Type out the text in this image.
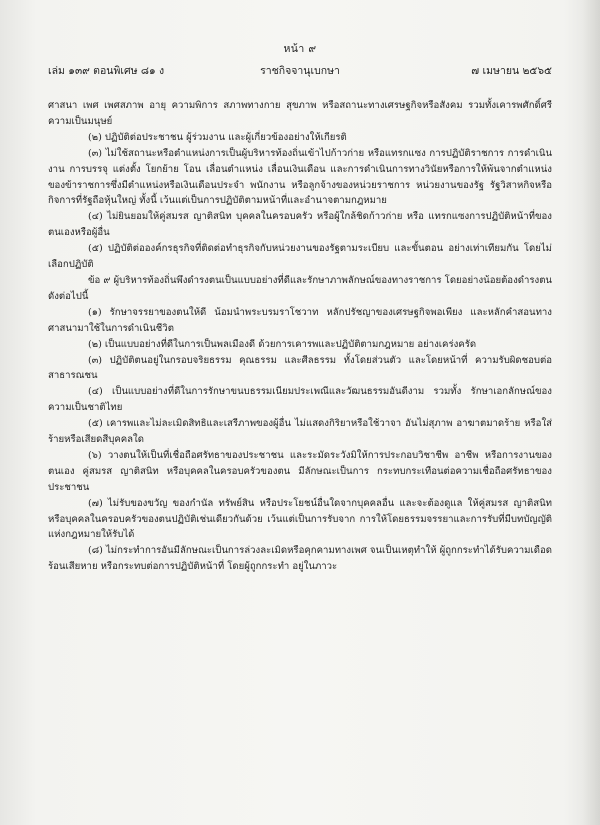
หน้า ๙
เล่ม ๑๓๙ ตอนพิเศษ ๘๑ ง	ราชกิจจานุเบกษา	๗ เมษายน ๒๕๖๕

ศาสนา เพศ เพศสภาพ อายุ ความพิการ สภาพทางกาย สุขภาพ หรือสถานะทางเศรษฐกิจหรือสังคม รวมทั้งเคารพศักดิ์ศรีความเป็นมนุษย์

(๒) ปฏิบัติต่อประชาชน ผู้ร่วมงาน และผู้เกี่ยวข้องอย่างให้เกียรติ

(๓) ไม่ใช้สถานะหรือตำแหน่งการเป็นผู้บริหารท้องถิ่นเข้าไปก้าวก่าย หรือแทรกแซง การปฏิบัติราชการ การดำเนินงาน การบรรจุ แต่งตั้ง โยกย้าย โอน เลื่อนตำแหน่ง เลื่อนเงินเดือน และการดำเนินการทางวินัยหรือการให้พ้นจากตำแหน่งของข้าราชการซึ่งมีตำแหน่งหรือเงินเดือนประจำ พนักงาน หรือลูกจ้างของหน่วยราชการ หน่วยงานของรัฐ รัฐวิสาหกิจหรือกิจการที่รัฐถือหุ้นใหญ่ ทั้งนี้ เว้นแต่เป็นการปฏิบัติตามหน้าที่และอำนาจตามกฎหมาย

(๔) ไม่ยินยอมให้คู่สมรส ญาติสนิท บุคคลในครอบครัว หรือผู้ใกล้ชิดก้าวก่าย หรือ แทรกแซงการปฏิบัติหน้าที่ของตนเองหรือผู้อื่น

(๕) ปฏิบัติต่อองค์กรธุรกิจที่ติดต่อทำธุรกิจกับหน่วยงานของรัฐตามระเบียบ และขั้นตอน อย่างเท่าเทียมกัน โดยไม่เลือกปฏิบัติ

ข้อ ๙ ผู้บริหารท้องถิ่นพึงดำรงตนเป็นแบบอย่างที่ดีและรักษาภาพลักษณ์ของทางราชการ โดยอย่างน้อยต้องดำรงตน ดังต่อไปนี้

(๑) รักษาจรรยาของตนให้ดี น้อมนำพระบรมราโชวาท หลักปรัชญาของเศรษฐกิจพอเพียง และหลักคำสอนทางศาสนามาใช้ในการดำเนินชีวิต

(๒) เป็นแบบอย่างที่ดีในการเป็นพลเมืองดี ด้วยการเคารพและปฏิบัติตามกฎหมาย อย่างเคร่งครัด

(๓) ปฏิบัติตนอยู่ในกรอบจริยธรรม คุณธรรม และศีลธรรม ทั้งโดยส่วนตัว และโดยหน้าที่ ความรับผิดชอบต่อสาธารณชน

(๔) เป็นแบบอย่างที่ดีในการรักษาขนบธรรมเนียมประเพณีและวัฒนธรรมอันดีงาม รวมทั้ง รักษาเอกลักษณ์ของความเป็นชาติไทย

(๕) เคารพและไม่ละเมิดสิทธิและเสรีภาพของผู้อื่น ไม่แสดงกิริยาหรือใช้วาจา อันไม่สุภาพ อาฆาตมาดร้าย หรือใส่ร้ายหรือเสียดสีบุคคลใด

(๖) วางตนให้เป็นที่เชื่อถือศรัทธาของประชาชน และระมัดระวังมิให้การประกอบวิชาชีพ อาชีพ หรือการงานของตนเอง คู่สมรส ญาติสนิท หรือบุคคลในครอบครัวของตน มีลักษณะเป็นการ กระทบกระเทือนต่อความเชื่อถือศรัทธาของประชาชน

(๗) ไม่รับของขวัญ ของกำนัล ทรัพย์สิน หรือประโยชน์อื่นใดจากบุคคลอื่น และจะต้องดูแล ให้คู่สมรส ญาติสนิท หรือบุคคลในครอบครัวของตนปฏิบัติเช่นเดียวกันด้วย เว้นแต่เป็นการรับจาก การให้โดยธรรมจรรยาและการรับที่มีบทบัญญัติแห่งกฎหมายให้รับได้

(๘) ไม่กระทำการอันมีลักษณะเป็นการล่วงละเมิดหรือคุกคามทางเพศ จนเป็นเหตุทำให้ ผู้ถูกกระทำได้รับความเดือดร้อนเสียหาย หรือกระทบต่อการปฏิบัติหน้าที่ โดยผู้ถูกกระทำ อยู่ในภาวะ
